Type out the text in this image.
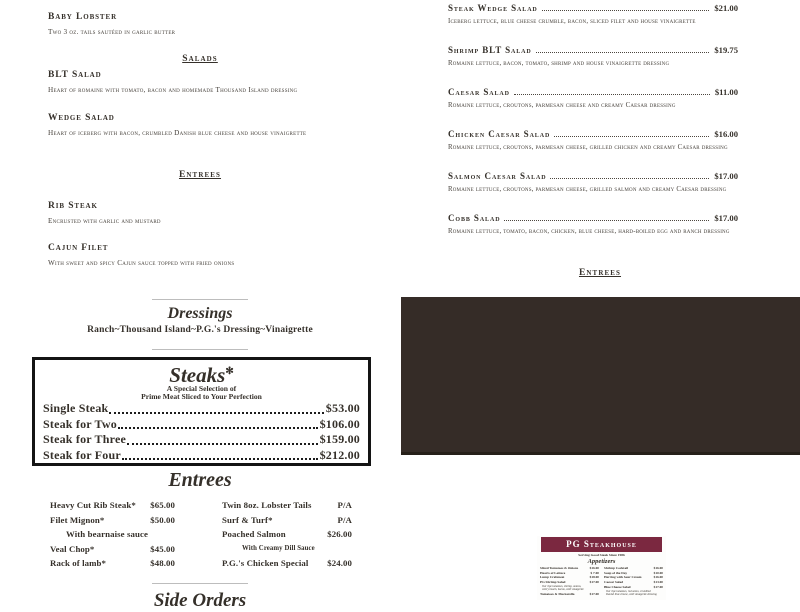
Baby Lobster
Two 3 oz. tails sautéed in garlic butter
Salads
BLT Salad
Heart of romaine with tomato, bacon and homemade Thousand Island dressing
Wedge Salad
Heart of iceberg with bacon, crumbled Danish blue cheese and house vinaigrette
Entrees
Rib Steak
Encrusted with garlic and mustard
Cajun Filet
With sweet and spicy Cajun sauce topped with fried onions
Dressings
Ranch~Thousand Island~P.G.'s Dressing~Vinaigrette
Steaks✻
A Special Selection of
Prime Meat Sliced to Your Perfection
Single Steak	$53.00
Steak for Two	$106.00
Steak for Three	$159.00
Steak for Four	$212.00
Entrees
Heavy Cut Rib Steak* $65.00
Filet Mignon*	$50.00
With bearnaise sauce
Veal Chop*	$45.00
Rack of lamb*	$48.00
Twin 8oz. Lobster Tails	P/A
Surf & Turf*	P/A
Poached Salmon	$26.00
With Creamy Dill Sauce
P.G.'s Chicken Special $24.00
Side Orders
Steak Wedge Salad	$21.00
Iceberg lettuce, blue cheese crumble, bacon, sliced filet and house vinaigrette
Shrimp BLT Salad	$19.75
Romaine lettuce, bacon, tomato, shrimp and house vinaigrette dressing
Caesar Salad	$11.00
Romaine lettuce, croutons, parmesan cheese and creamy Caesar dressing
Chicken Caesar Salad	$16.00
Romaine lettuce, croutons, parmesan cheese, grilled chicken and creamy Caesar dressing
Salmon Caesar Salad	$17.00
Romaine lettuce, croutons, parmesan cheese, grilled salmon and creamy Caesar dressing
Cobb Salad	$17.00
Romaine lettuce, tomato, bacon, chicken, blue cheese, hard-boiled egg and ranch dressing
Entrees
PG Steakhouse
Serving Good Steak Since 1986
Appetizers
Sliced Tomatoes & Onions	$16.00
Hearts of Lettuce	$ 7.00
Lump Crabmeat	$18.00
PG Shrimp Salad	$17.00
Our ripe tomatoes, shrimp, onions,
celery hearts, bacon, with vinaigrette
Tomatoes & Mozzarella	$17.00
Shrimp Cocktail	$16.00
Soup of the Day	$10.00
Herring with Sour Cream	$16.00
Caesar Salad	$13.00
Blue Cheese Salad	$17.00
Our ripe tomatoes, red onion, crumbled
Danish blue cheese, with vinaigrette dressing
